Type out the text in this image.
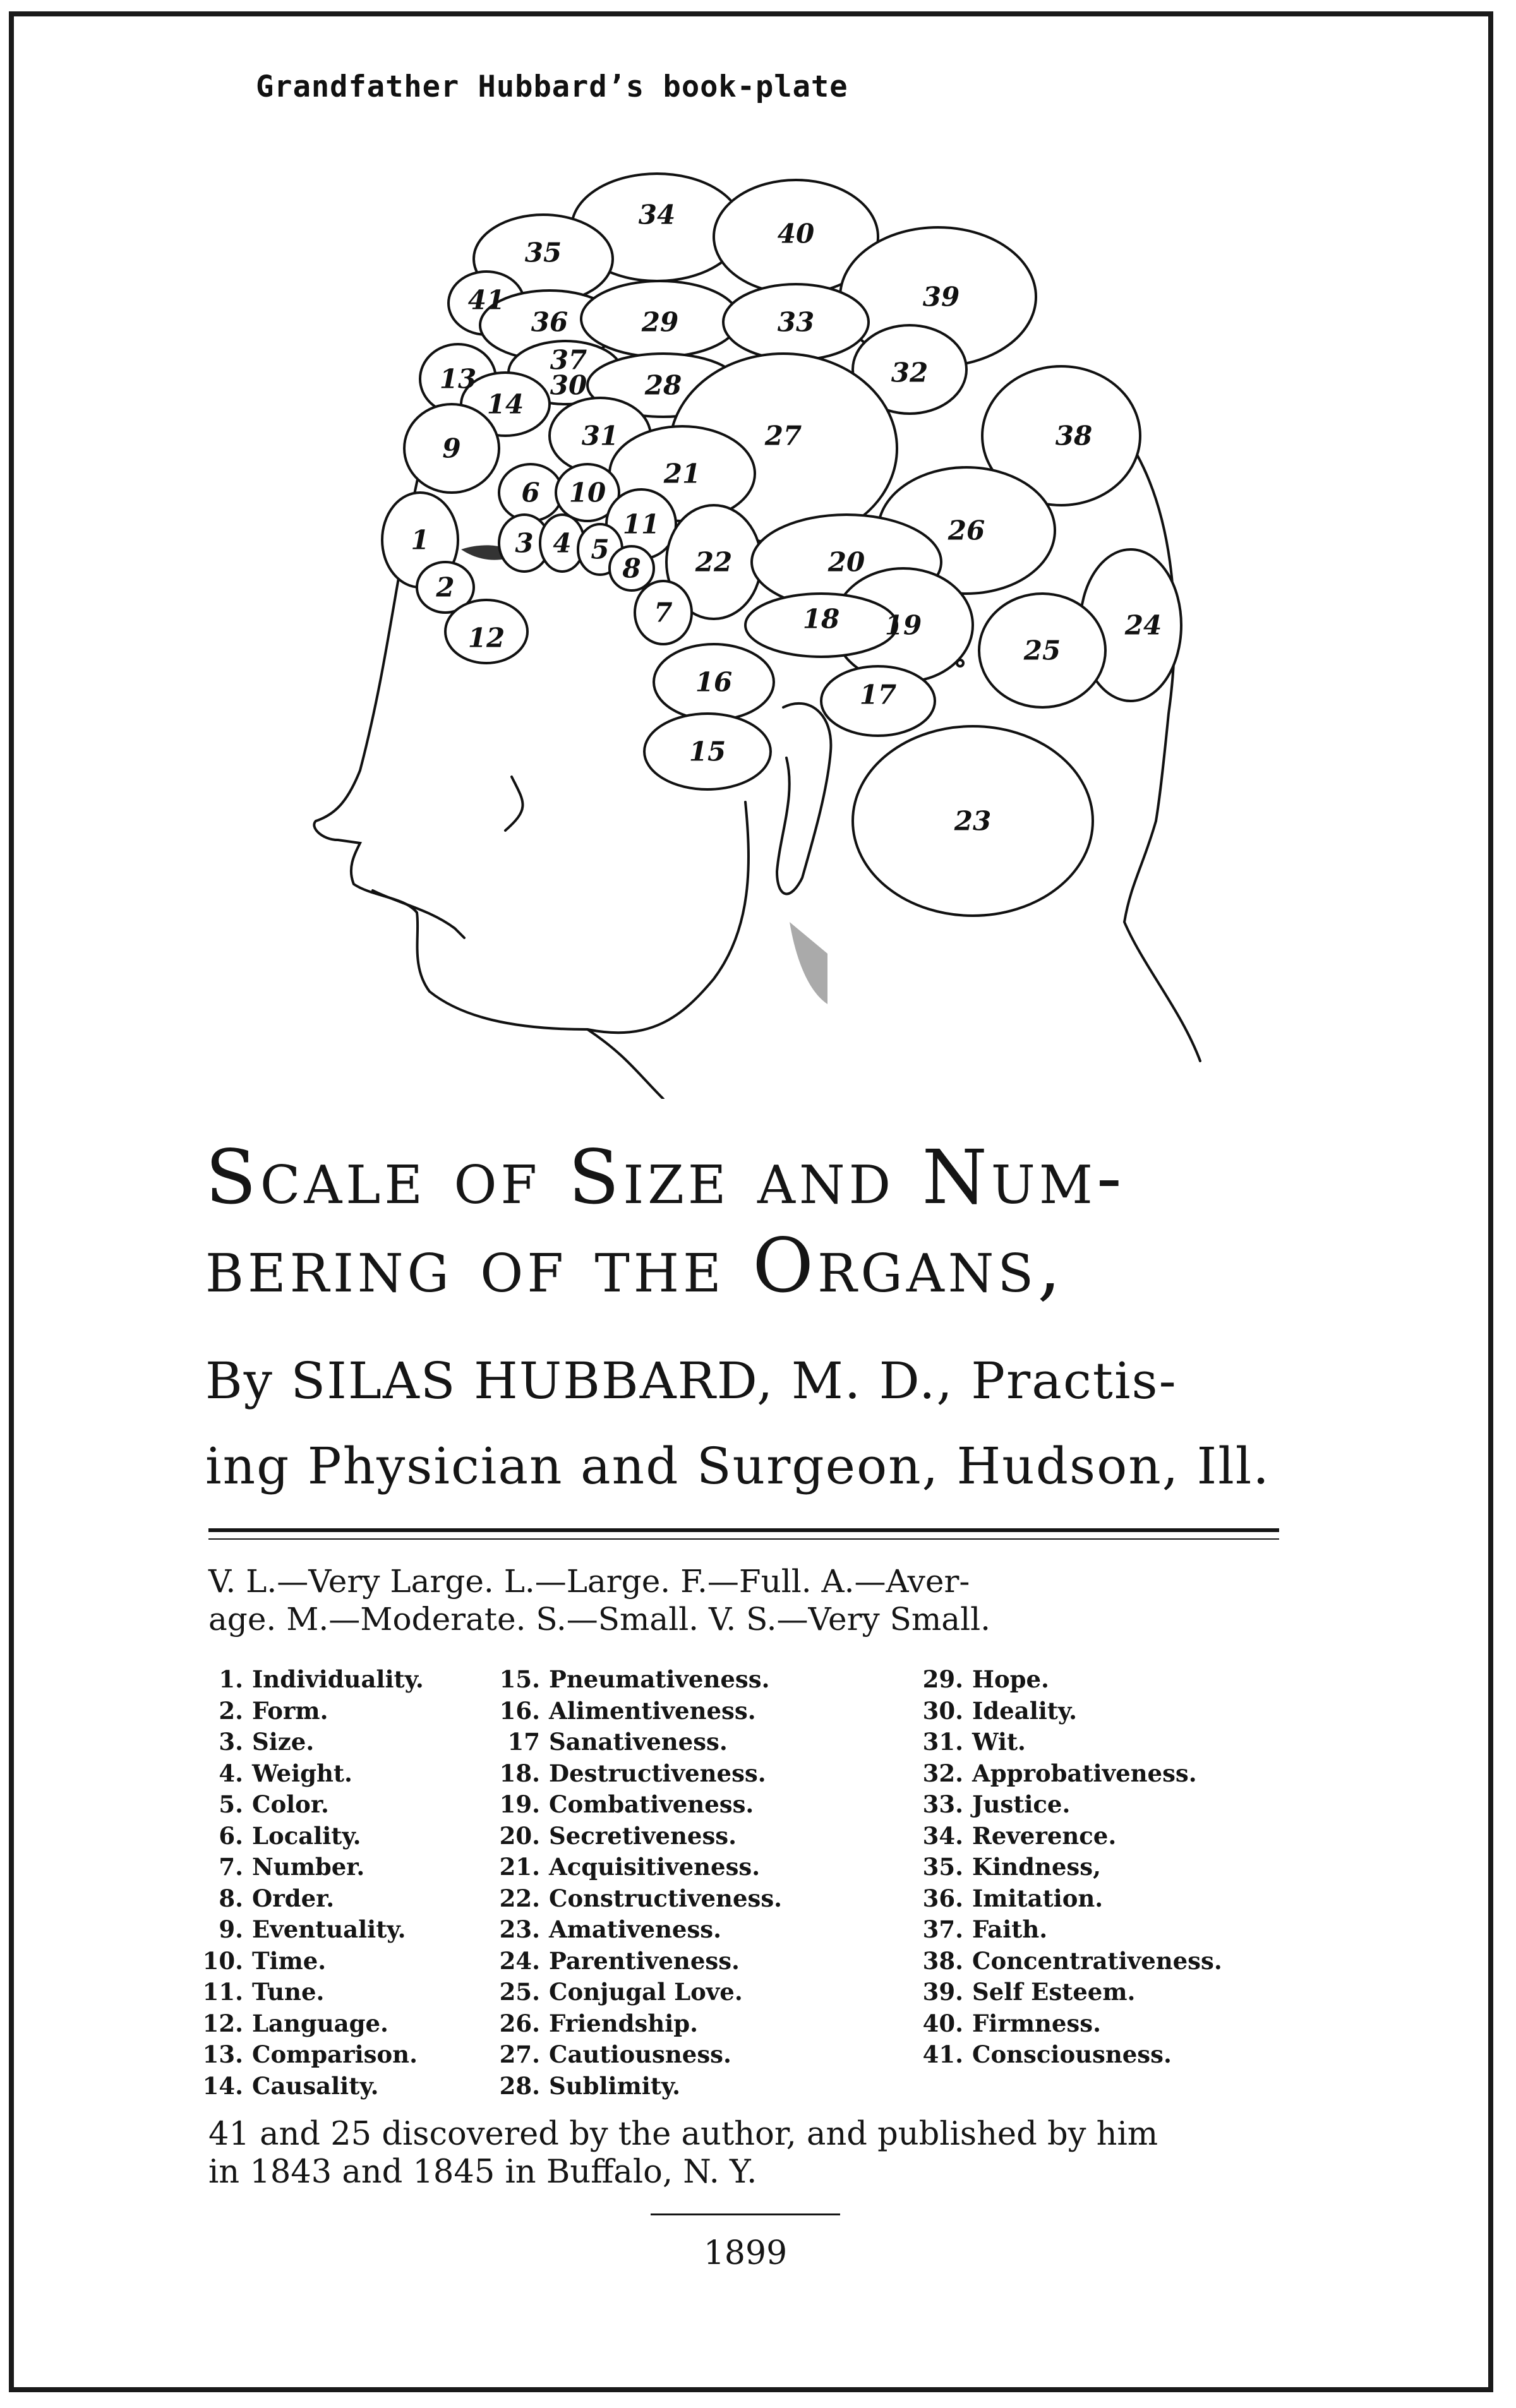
Grandfather Hubbard’s book-plate
1
2
3 4 5
6
7
8
9
10
11
12
13
14
15
16	17
18 19
20
21
22
23
24
25
26
27
28
29
30
31
32
33
34
35
36
37
38
39
40
41
Scale of Size and Num-
bering of the Organs,
By SILAS HUBBARD, M. D., Practis-
ing Physician and Surgeon, Hudson, Ill.
V. L.—Very Large. L.—Large. F.—Full. A.—Aver-
age. M.—Moderate. S.—Small. V. S.—Very Small.
1. Individuality.
2. Form.
3. Size.
4. Weight.
5. Color.
6. Locality.
7. Number.
8. Order.
9. Eventuality.
10. Time.
11. Tune.
12. Language.
13. Comparison.
14. Causality.
15. Pneumativeness.
16. Alimentiveness.
17 Sanativeness.
18. Destructiveness.
19. Combativeness.
20. Secretiveness.
21. Acquisitiveness.
22. Constructiveness.
23. Amativeness.
24. Parentiveness.
25. Conjugal Love.
26. Friendship.
27. Cautiousness.
28. Sublimity.
29. Hope.
30. Ideality.
31. Wit.
32. Approbativeness.
33. Justice.
34. Reverence.
35. Kindness,
36. Imitation.
37. Faith.
38. Concentrativeness.
39. Self Esteem.
40. Firmness.
41. Consciousness.
41 and 25 discovered by the author, and published by him
in 1843 and 1845 in Buffalo, N. Y.
1899
